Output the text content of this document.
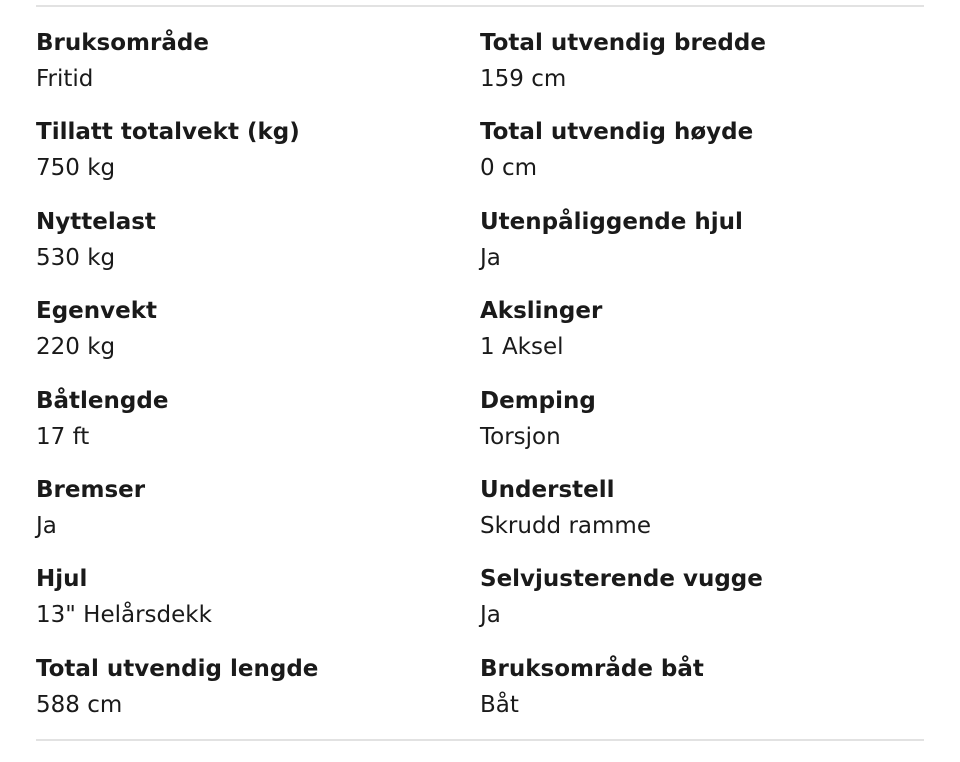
Bruksområde
Fritid
Total utvendig bredde
159 cm
Tillatt totalvekt (kg)
750 kg
Total utvendig høyde
0 cm
Nyttelast
530 kg
Utenpåliggende hjul
Ja
Egenvekt
220 kg
Akslinger
1 Aksel
Båtlengde
17 ft
Demping
Torsjon
Bremser
Ja
Understell
Skrudd ramme
Hjul
13" Helårsdekk
Selvjusterende vugge
Ja
Total utvendig lengde
588 cm
Bruksområde båt
Båt
